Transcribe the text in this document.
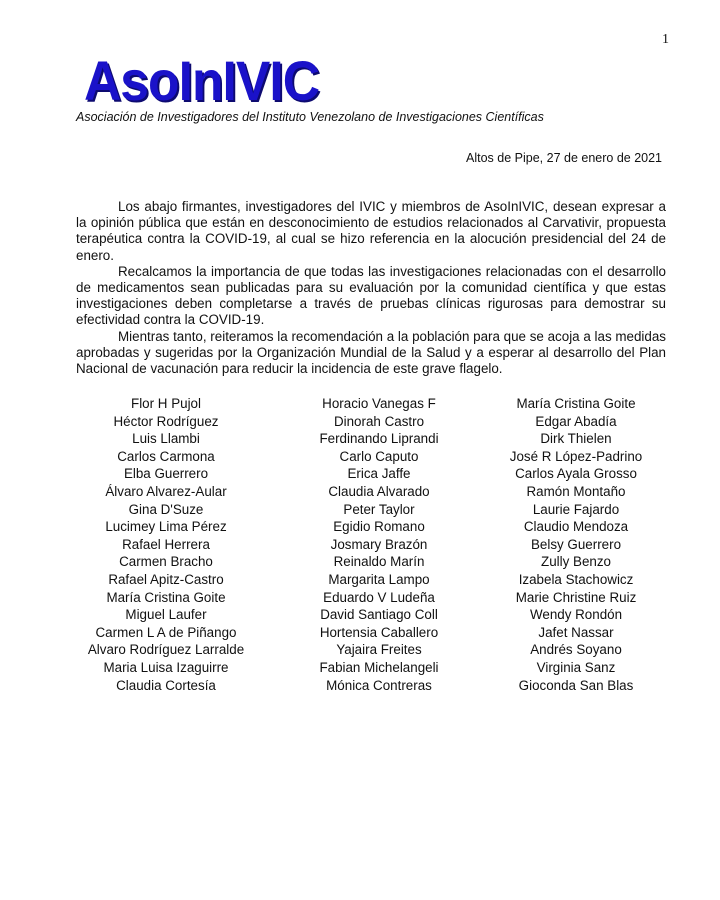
1
AsoInIVIC
Asociación de Investigadores del Instituto Venezolano de Investigaciones Científicas
Altos de Pipe, 27 de enero de 2021

Los abajo firmantes, investigadores del IVIC y miembros de AsoInIVIC, desean expresar a la opinión pública que están en desconocimiento de estudios relacionados al Carvativir, propuesta terapéutica contra la COVID-19, al cual se hizo referencia en la alocución presidencial del 24 de enero.

Recalcamos la importancia de que todas las investigaciones relacionadas con el desarrollo de medicamentos sean publicadas para su evaluación por la comunidad científica y que estas investigaciones deben completarse a través de pruebas clínicas rigurosas para demostrar su efectividad contra la COVID-19.

Mientras tanto, reiteramos la recomendación a la población para que se acoja a las medidas aprobadas y sugeridas por la Organización Mundial de la Salud y a esperar al desarrollo del Plan Nacional de vacunación para reducir la incidencia de este grave flagelo.

Flor H Pujol
Héctor Rodríguez
Luis Llambi
Carlos Carmona
Elba Guerrero
Álvaro Alvarez-Aular
Gina D'Suze
Lucimey Lima Pérez
Rafael Herrera
Carmen Bracho
Rafael Apitz-Castro
María Cristina Goite
Miguel Laufer
Carmen L A de Piñango
Alvaro Rodríguez Larralde
Maria Luisa Izaguirre
Claudia Cortesía
Horacio Vanegas F
Dinorah Castro
Ferdinando Liprandi
Carlo Caputo
Erica Jaffe
Claudia Alvarado
Peter Taylor
Egidio Romano
Josmary Brazón
Reinaldo Marín
Margarita Lampo
Eduardo V Ludeña
David Santiago Coll
Hortensia Caballero
Yajaira Freites
Fabian Michelangeli
Mónica Contreras
María Cristina Goite
Edgar Abadía
Dirk Thielen
José R López-Padrino
Carlos Ayala Grosso
Ramón Montaño
Laurie Fajardo
Claudio Mendoza
Belsy Guerrero
Zully Benzo
Izabela Stachowicz
Marie Christine Ruiz
Wendy Rondón
Jafet Nassar
Andrés Soyano
Virginia Sanz
Gioconda San Blas
